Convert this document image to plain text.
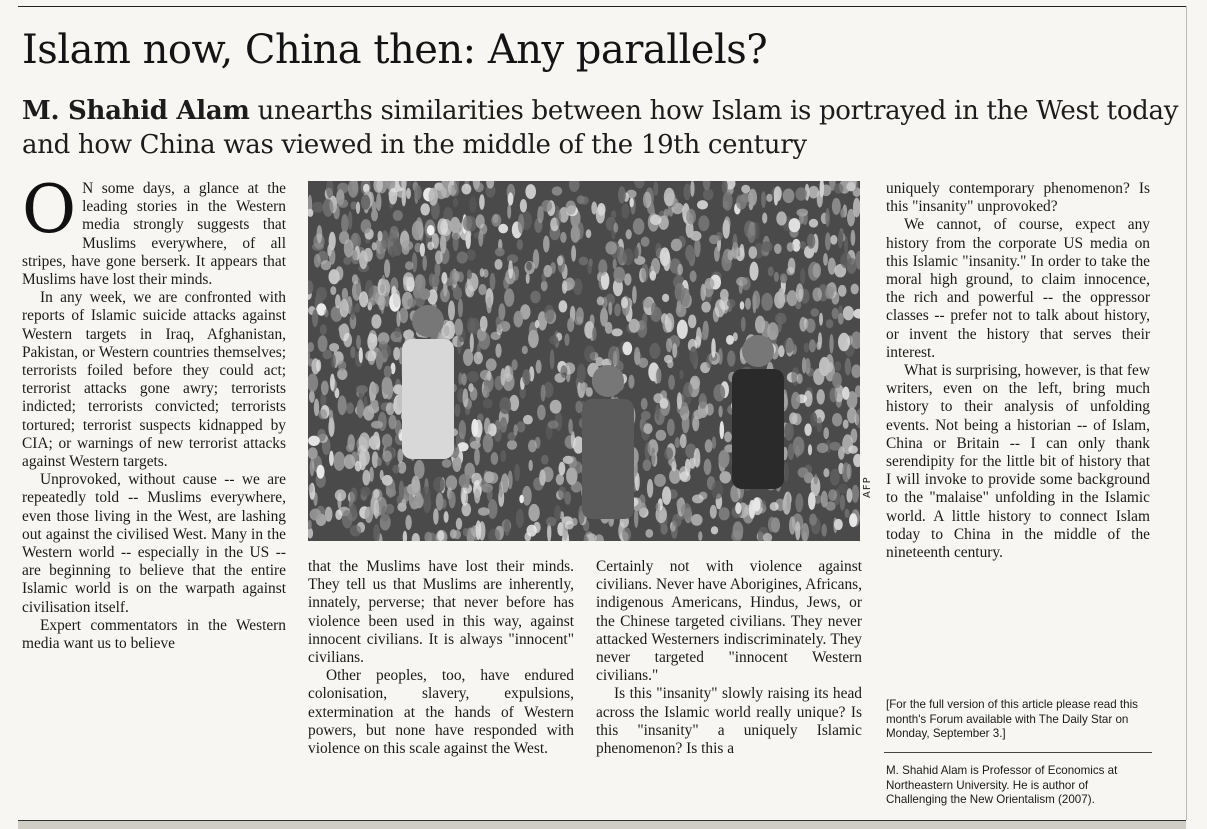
Islam now, China then: Any parallels?

M. Shahid Alam unearths similarities between how Islam is portrayed in the West today and how China was viewed in the middle of the 19th century

O N some days, a glance at the leading stories in the Western media strongly suggests that Muslims everywhere, of all stripes, have gone berserk. It appears that Muslims have lost their minds.

In any week, we are confronted with reports of Islamic suicide attacks against Western targets in Iraq, Afghanistan, Pakistan, or Western countries themselves; terrorists foiled before they could act; terrorist attacks gone awry; terrorists indicted; terrorists convicted; terrorists tortured; terrorist suspects kidnapped by CIA; or warnings of new terrorist attacks against Western targets.

Unprovoked, without cause -- we are repeatedly told -- Muslims everywhere, even those living in the West, are lashing out against the civilised West. Many in the Western world -- especially in the US -- are beginning to believe that the entire Islamic world is on the warpath against civilisation itself.

Expert commentators in the Western media want us to believe

AFP

that the Muslims have lost their minds. They tell us that Muslims are inherently, innately, perverse; that never before has violence been used in this way, against innocent civilians. It is always "innocent" civilians.

Other peoples, too, have endured colonisation, slavery, expulsions, extermination at the hands of Western powers, but none have responded with violence on this scale against the West.

Certainly not with violence against civilians. Never have Aborigines, Africans, indigenous Americans, Hindus, Jews, or the Chinese targeted civilians. They never attacked Westerners indiscriminately. They never targeted "innocent Western civilians."

Is this "insanity" slowly raising its head across the Islamic world really unique? Is this "insanity" a uniquely Islamic phenomenon? Is this a

uniquely contemporary phenomenon? Is this "insanity" unprovoked?

We cannot, of course, expect any history from the corporate US media on this Islamic "insanity." In order to take the moral high ground, to claim innocence, the rich and powerful -- the oppressor classes -- prefer not to talk about history, or invent the history that serves their interest.

What is surprising, however, is that few writers, even on the left, bring much history to their analysis of unfolding events. Not being a historian -- of Islam, China or Britain -- I can only thank serendipity for the little bit of history that I will invoke to provide some background to the "malaise" unfolding in the Islamic world. A little history to connect Islam today to China in the middle of the nineteenth century.

[For the full version of this article please read this month's Forum available with The Daily Star on Monday, September 3.]
M. Shahid Alam is Professor of Economics at Northeastern University. He is author of Challenging the New Orientalism (2007).
